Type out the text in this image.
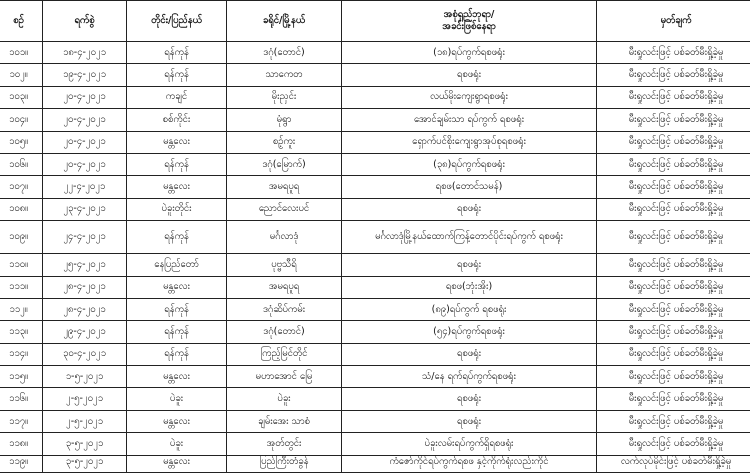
စဥ်	ရက်စွဲ	တိုင်း/ပြည်နယ်	ခရိုင်/မြို့နယ်	အစုံရှည်ဘုရာ/
အခင်းဖြစ်နေရာ	မှတ်ချက်
၁၀၁။	၁၈-၄-၂၀၂၁	ရန်ကုန်	ဒဂုံ(တောင်)	(၁၈)ရပ်ကွက်ရစဖရုံး	မီးရှုလင်းဖြင့် ပစ်ခတ်မီးရှို့ခဲ့မှု
၁၀၂။	၁၉-၄-၂၀၂၁	ရန်ကုန်	သာကေတ	ရစဖရုံး	မီးရှုလင်းဖြင့် ပစ်ခတ်မီးရှို့ခဲ့မှု
၁၀၃။	၂၀-၄-၂၀၂၁	ကချင်	မိုးညှင်း	လယ်မိုးကျေးရွာရစဖရုံး	မီးရှုလင်းဖြင့် ပစ်ခတ်မီးရှို့ခဲ့မှု
၁၀၄။	၂၀-၄-၂၀၂၁	စစ်ကိုင်း	မုံရွာ	အောင်ချမ်းသာ ရပ်ကွက် ရစဖရုံး	မီးရှုလင်းဖြင့် ပစ်ခတ်မီးရှို့ခဲ့မှု
၁၀၅။	၂၀-၄-၂၀၂၁	မန္တလေး	စဥ့်ကူး	ရှောက်ပင်စိုးကျေးရွာအုပ်စုရစဖရုံး	မီးရှုလင်းဖြင့် ပစ်ခတ်မီးရှို့ခဲ့မှု
၁၀၆။	၂၀-၄-၂၀၂၁	ရန်ကုန်	ဒဂုံ(မြောက်)	(၃၈)ရပ်ကွက်ရစဖရုံး	မီးရှုလင်းဖြင့် ပစ်ခတ်မီးရှို့ခဲ့မှု
၁၀၇။	၂၂-၄-၂၀၂၁	မန္တလေး	အမရပူရ	ရစဖ(တောင်သမန်)	မီးရှုလင်းဖြင့် ပစ်ခတ်မီးရှို့ခဲ့မှု
၁၀၈။	၂၃-၄-၂၀၂၁	ပဲခူးတိုင်း	ညောင်လေးပင်	ရစဖရုံး	မီးရှုလင်းဖြင့် ပစ်ခတ်မီးရှို့ခဲ့မှု
၁၀၉။	၂၄-၄-၂၀၂၁	ရန်ကုန်	မင်္ဂလာဒုံ	မင်္ဂလာဒုံမြို့နယ်ထောက်ကြန့်တောင်ပိုင်းရပ်ကွက် ရစဖရုံး	မီးရှုလင်းဖြင့် ပစ်ခတ်မီးရှို့ခဲ့မှု
၁၁၀။	၂၅-၄-၂၀၂၁	နေပြည်တော်	ပုဗ္ဗသီရိ	ရစဖရုံး	မီးရှုလင်းဖြင့် ပစ်ခတ်မီးရှို့ခဲ့မှု
၁၁၁။	၂၈-၄-၂၀၂၁	မန္တလေး	အမရပူရ	ရစဖ(ဘုံးအိုး)	မီးရှုလင်းဖြင့် ပစ်ခတ်မီးရှို့ခဲ့မှု
၁၁၂။	၂၈-၄-၂၀၂၁	ရန်ကုန်	ဒဂုံဆိပ်ကမ်း	(၈၉)ရပ်ကွက် ရစဖရုံး	မီးရှုလင်းဖြင့် ပစ်ခတ်မီးရှို့ခဲ့မှု
၁၁၃။	၂၉-၄-၂၀၂၁	ရန်ကုန်	ဒဂုံ(တောင်)	(၅၄)ရပ်ကွက်ရစဖရုံး	မီးရှုလင်းဖြင့် ပစ်ခတ်မီးရှို့ခဲ့မှု
၁၁၄။	၃၀-၄-၂၀၂၁	ရန်ကုန်	ကြည့်မြင်တိုင်	ရစဖရုံး	မီးရှုလင်းဖြင့် ပစ်ခတ်မီးရှို့ခဲ့မှု
၁၁၅။	၁-၅-၂၀၂၁	မန္တလေး	မဟာအောင် မြေ	သံ/နေ ရက်ရပ်ကွက်ရစဖရုံး	မီးရှုလင်းဖြင့် ပစ်ခတ်မီးရှို့ခဲ့မှု
၁၁၆။	၂-၅-၂၀၂၁	ပဲခူး	ပဲခူး	ရစဖရုံး	မီးရှုလင်းဖြင့် ပစ်ခတ်မီးရှို့ခဲ့မှု
၁၁၇။	၂-၅-၂၀၂၁	မန္တလေး	ချမ်းအေး သာစံ	ရစဖရုံး	မီးရှုလင်းဖြင့် ပစ်ခတ်မီးရှို့ခဲ့မှု
၁၁၈။	၃-၅-၂၀၂၁	ပဲခူး	အုတ်တွင်း	ပဲခူးလမ်းရပ်ကွက်ရှိရစဖရုံး	မီးရှုလင်းဖြင့် ပစ်ခတ်မီးရှို့ခဲ့မှု
၁၁၉။	၃-၅-၂၀၂၁	မန္တလေး	ပြည်ကြီးတံခွန်	ကံဇော်ကိုင်ရပ်ကွက်ရစဖ နှင့်ကိုက်ရုံးလည်းကိုင်	လက်လုပ်မိုင်းဖြင့် ပစ်ခတ်မီးရှို့ခဲ့မှု
